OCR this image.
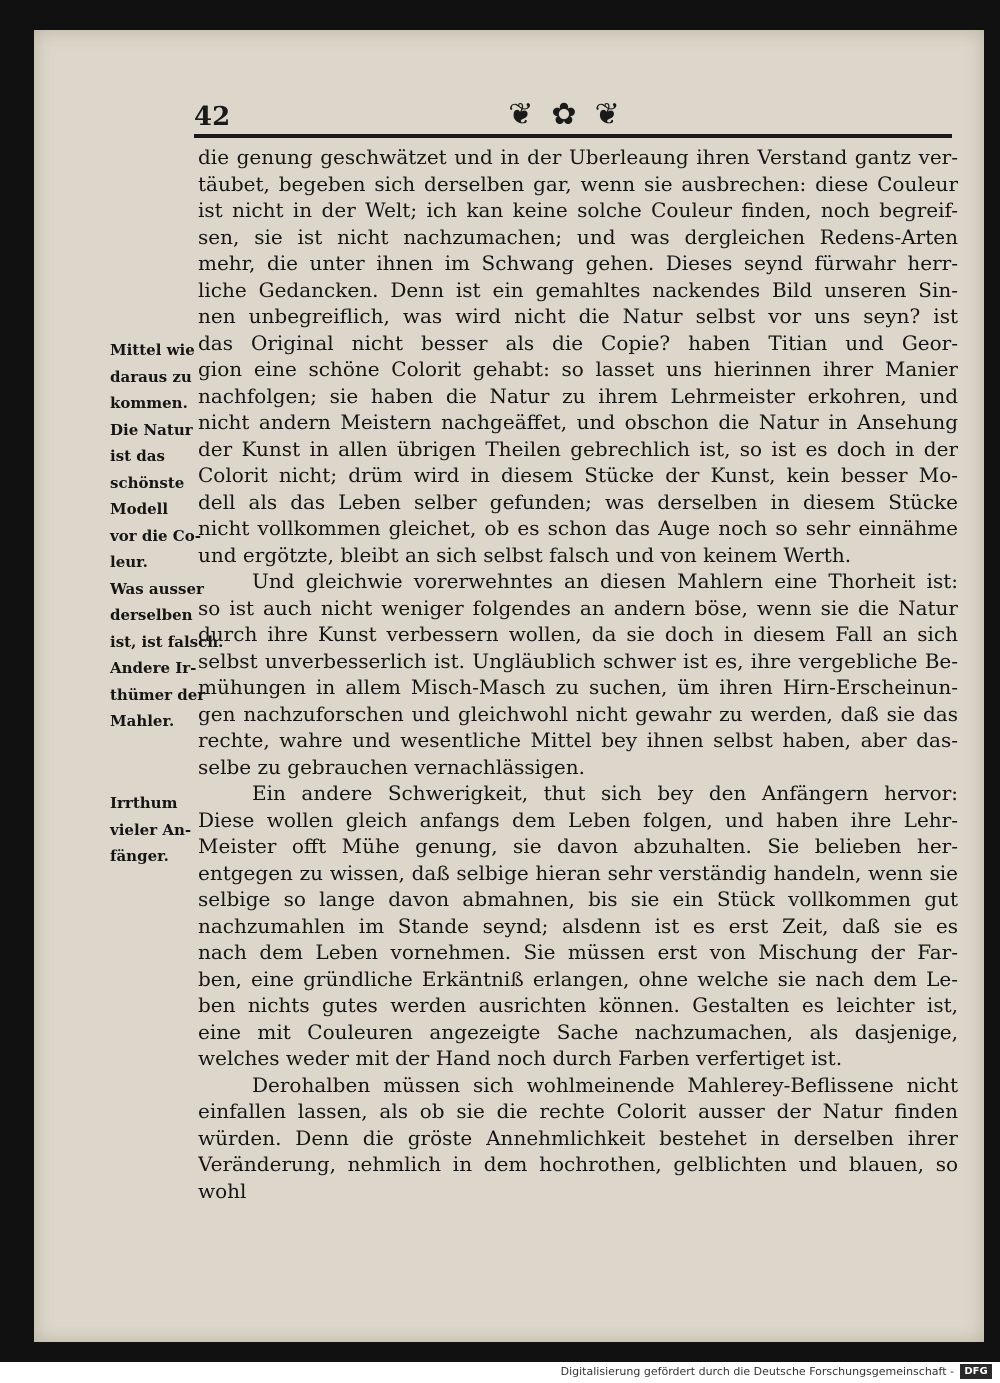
42	❦ ✿ ❦
die genung geschwätzet und in der Uberleaung ihren Verstand gantz ver-
täubet, begeben sich derselben gar, wenn sie ausbrechen: diese Couleur
ist nicht in der Welt; ich kan keine solche Couleur finden, noch begreif-
sen, sie ist nicht nachzumachen; und was dergleichen Redens-Arten
mehr, die unter ihnen im Schwang gehen. Dieses seynd fürwahr herr-
liche Gedancken. Denn ist ein gemahltes nackendes Bild unseren Sin-
nen unbegreiflich, was wird nicht die Natur selbst vor uns seyn? ist
das Original nicht besser als die Copie? haben Titian und Geor-
gion eine schöne Colorit gehabt: so lasset uns hierinnen ihrer Manier
nachfolgen; sie haben die Natur zu ihrem Lehrmeister erkohren, und
nicht andern Meistern nachgeäffet, und obschon die Natur in Ansehung
der Kunst in allen übrigen Theilen gebrechlich ist, so ist es doch in der
Colorit nicht; drüm wird in diesem Stücke der Kunst, kein besser Mo-
dell als das Leben selber gefunden; was derselben in diesem Stücke
nicht vollkommen gleichet, ob es schon das Auge noch so sehr einnähme
und ergötzte, bleibt an sich selbst falsch und von keinem Werth.
Und gleichwie vorerwehntes an diesen Mahlern eine Thorheit ist:
so ist auch nicht weniger folgendes an andern böse, wenn sie die Natur
durch ihre Kunst verbessern wollen, da sie doch in diesem Fall an sich
selbst unverbesserlich ist. Ungläublich schwer ist es, ihre vergebliche Be-
mühungen in allem Misch-Masch zu suchen, üm ihren Hirn-Erscheinun-
gen nachzuforschen und gleichwohl nicht gewahr zu werden, daß sie das
rechte, wahre und wesentliche Mittel bey ihnen selbst haben, aber das-
selbe zu gebrauchen vernachlässigen.
Ein andere Schwerigkeit, thut sich bey den Anfängern hervor:
Diese wollen gleich anfangs dem Leben folgen, und haben ihre Lehr-
Meister offt Mühe genung, sie davon abzuhalten. Sie belieben her-
entgegen zu wissen, daß selbige hieran sehr verständig handeln, wenn sie
selbige so lange davon abmahnen, bis sie ein Stück vollkommen gut
nachzumahlen im Stande seynd; alsdenn ist es erst Zeit, daß sie es
nach dem Leben vornehmen. Sie müssen erst von Mischung der Far-
ben, eine gründliche Erkäntniß erlangen, ohne welche sie nach dem Le-
ben nichts gutes werden ausrichten können. Gestalten es leichter ist,
eine mit Couleuren angezeigte Sache nachzumachen, als dasjenige,
welches weder mit der Hand noch durch Farben verfertiget ist.
Derohalben müssen sich wohlmeinende Mahlerey-Beflissene nicht
einfallen lassen, als ob sie die rechte Colorit ausser der Natur finden
würden. Denn die gröste Annehmlichkeit bestehet in derselben ihrer
Veränderung, nehmlich in dem hochrothen, gelblichten und blauen, so
wohl
Mittel wie
daraus zu
kommen.
Die Natur
ist das
schönste
Modell
vor die Co-
leur.
Was ausser
derselben
ist, ist falsch.
Andere Ir-
thümer der
Mahler.
Irrthum
vieler An-
fänger.
Digitalisierung gefördert durch die Deutsche Forschungsgemeinschaft -	DFG
